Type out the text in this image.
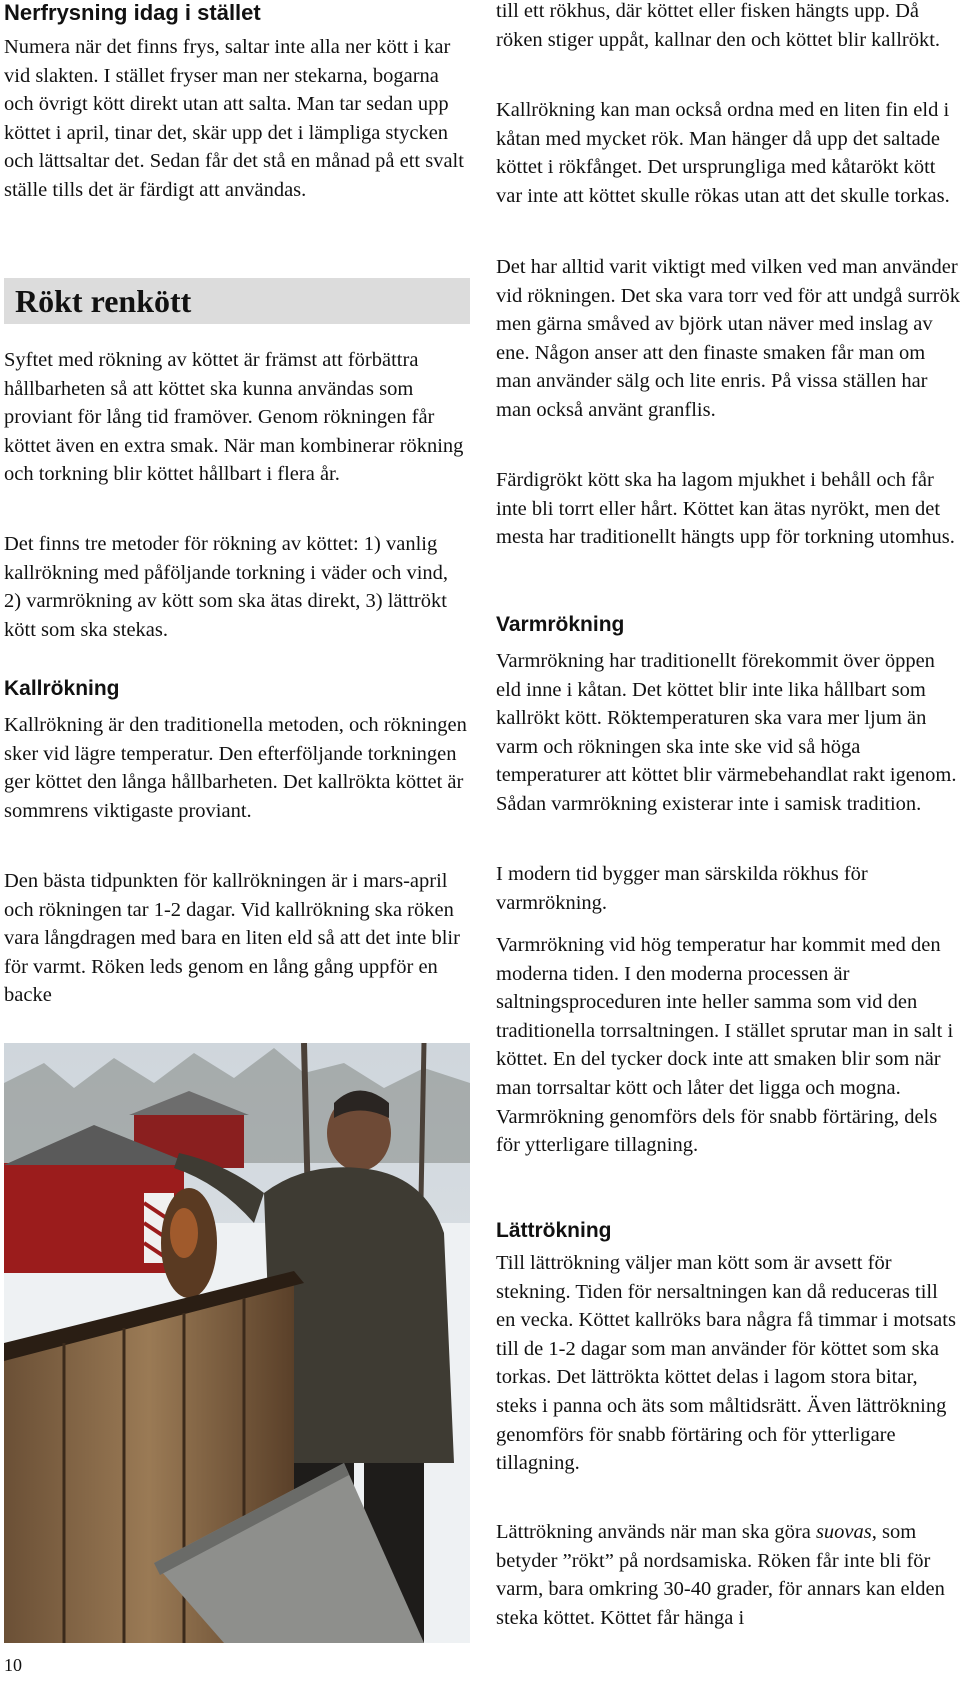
Nerfrysning idag i stället

Numera när det finns frys, saltar inte alla ner kött i kar vid slakten. I stället fryser man ner stekarna, bogarna och övrigt kött direkt utan att salta. Man tar sedan upp köttet i april, tinar det, skär upp det i lämpliga stycken och lättsaltar det. Sedan får det stå en månad på ett svalt ställe tills det är färdigt att användas.

Rökt renkött

Syftet med rökning av köttet är främst att förbättra hållbarheten så att köttet ska kunna användas som proviant för lång tid framöver. Genom rökningen får köttet även en extra smak. När man kombinerar rökning och torkning blir köttet hållbart i flera år.

Det finns tre metoder för rökning av köttet: 1) vanlig kallrökning med påföljande torkning i väder och vind, 2) varmrökning av kött som ska ätas direkt, 3) lättrökt kött som ska stekas.

Kallrökning

Kallrökning är den traditionella metoden, och rökningen sker vid lägre temperatur. Den efterföljande torkningen ger köttet den långa hållbarheten. Det kallrökta köttet är sommrens viktigaste proviant.

Den bästa tidpunkten för kallrökningen är i mars-april och rökningen tar 1-2 dagar. Vid kallrökning ska röken vara långdragen med bara en liten eld så att det inte blir för varmt. Röken leds genom en lång gång uppför en backe

till ett rökhus, där köttet eller fisken hängts upp. Då röken stiger uppåt, kallnar den och köttet blir kallrökt.

Kallrökning kan man också ordna med en liten fin eld i kåtan med mycket rök. Man hänger då upp det saltade köttet i rökfånget. Det ursprungliga med kåtarökt kött var inte att köttet skulle rökas utan att det skulle torkas.

Det har alltid varit viktigt med vilken ved man använder vid rökningen. Det ska vara torr ved för att undgå surrök men gärna småved av björk utan näver med inslag av ene. Någon anser att den finaste smaken får man om man använder sälg och lite enris. På vissa ställen har man också använt granflis.

Färdigrökt kött ska ha lagom mjukhet i behåll och får inte bli torrt eller hårt. Köttet kan ätas nyrökt, men det mesta har traditionellt hängts upp för torkning utomhus.

Varmrökning

Varmrökning har traditionellt förekommit över öppen eld inne i kåtan. Det köttet blir inte lika hållbart som kallrökt kött. Röktemperaturen ska vara mer ljum än varm och rökningen ska inte ske vid så höga temperaturer att köttet blir värmebehandlat rakt igenom. Sådan varmrökning existerar inte i samisk tradition.

I modern tid bygger man särskilda rökhus för varmrökning.

Varmrökning vid hög temperatur har kommit med den moderna tiden. I den moderna processen är saltningsproceduren inte heller samma som vid den traditionella torrsaltningen. I stället sprutar man in salt i köttet. En del tycker dock inte att smaken blir som när man torrsaltar kött och låter det ligga och mogna. Varmrökning genomförs dels för snabb förtäring, dels för ytterligare tillagning.

Lättrökning

Till lättrökning väljer man kött som är avsett för stekning. Tiden för nersaltningen kan då reduceras till en vecka. Köttet kallröks bara några få timmar i motsats till de 1-2 dagar som man använder för köttet som ska torkas. Det lättrökta köttet delas i lagom stora bitar, steks i panna och äts som måltidsrätt. Även lättrökning genomförs för snabb förtäring och för ytterligare tillagning.

Lättrökning används när man ska göra suovas, som betyder ”rökt” på nordsamiska. Röken får inte bli för varm, bara omkring 30-40 grader, för annars kan elden steka köttet. Köttet får hänga i

10
